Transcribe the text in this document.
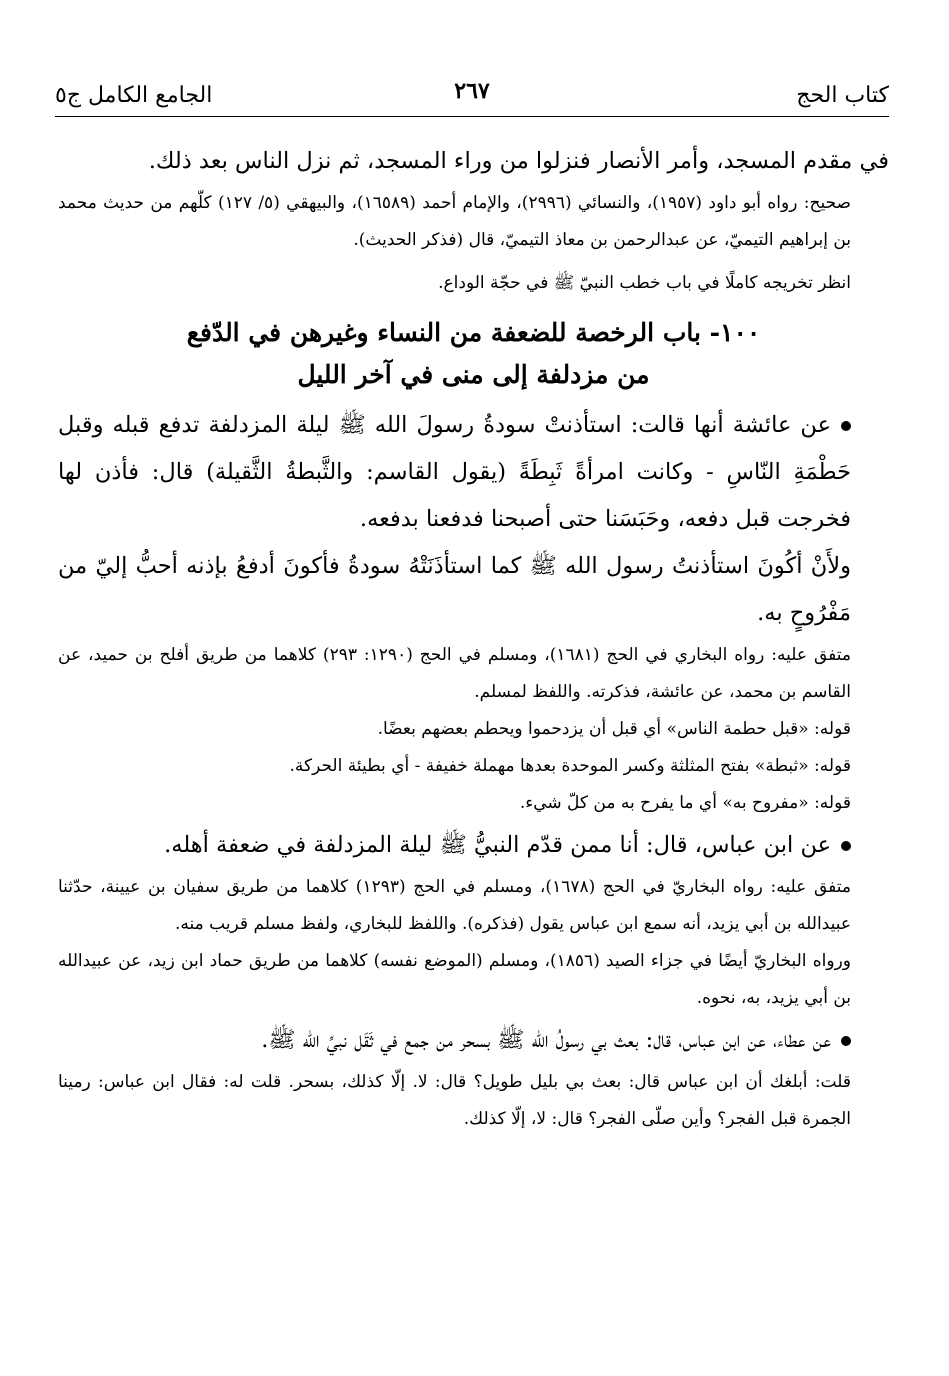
كتاب الحج
٢٦٧
الجامع الكامل ج٥

في مقدم المسجد، وأمر الأنصار فنزلوا من وراء المسجد، ثم نزل الناس بعد ذلك.

صحيح: رواه أبو داود (١٩٥٧)، والنسائي (٢٩٩٦)، والإمام أحمد (١٦٥٨٩)، والبيهقي (٥/ ١٢٧) كلّهم من حديث محمد بن إبراهيم التيميّ، عن عبدالرحمن بن معاذ التيميّ، قال (فذكر الحديث).

انظر تخريجه كاملًا في باب خطب النبيّ ﷺ في حجّة الوداع.

١٠٠- باب الرخصة للضعفة من النساء وغيرهن في الدّفع

من مزدلفة إلى منى في آخر الليل

عن عائشة أنها قالت: استأذنتْ سودةُ رسولَ الله ﷺ ليلة المزدلفة تدفع قبله وقبل حَطْمَةِ النّاسِ - وكانت امرأةً ثَبِطَةً (يقول القاسم: والثَّبطةُ الثَّقيلة) قال: فأذن لها فخرجت قبل دفعه، وحَبَسَنا حتى أصبحنا فدفعنا بدفعه.

ولأَنْ أكُونَ استأذنتُ رسول الله ﷺ كما استأذَنَتْهُ سودةُ فأكونَ أدفعُ بإذنه أحبُّ إليّ من مَفْرُوحٍ به.

متفق عليه: رواه البخاري في الحج (١٦٨١)، ومسلم في الحج (١٢٩٠: ٢٩٣) كلاهما من طريق أفلح بن حميد، عن القاسم بن محمد، عن عائشة، فذكرته. واللفظ لمسلم.

قوله: «قبل حطمة الناس» أي قبل أن يزدحموا ويحطم بعضهم بعضًا.

قوله: «ثبطة» بفتح المثلثة وكسر الموحدة بعدها مهملة خفيفة - أي بطيئة الحركة.

قوله: «مفروح به» أي ما يفرح به من كلّ شيء.

عن ابن عباس، قال: أنا ممن قدّم النبيُّ ﷺ ليلة المزدلفة في ضعفة أهله.

متفق عليه: رواه البخاريّ في الحج (١٦٧٨)، ومسلم في الحج (١٢٩٣) كلاهما من طريق سفيان بن عيينة، حدّثنا عبيدالله بن أبي يزيد، أنه سمع ابن عباس يقول (فذكره). واللفظ للبخاري، ولفظ مسلم قريب منه.

ورواه البخاريّ أيضًا في جزاء الصيد (١٨٥٦)، ومسلم (الموضع نفسه) كلاهما من طريق حماد ابن زيد، عن عبيدالله بن أبي يزيد، به، نحوه.

عن عطاء، عن ابن عباس، قال: بعث بي رسولُ الله ﷺ بسحر من جمع في ثَقَل نبيِّ الله ﷺ.

قلت: أبلغك أن ابن عباس قال: بعث بي بليل طويل؟ قال: لا. إلّا كذلك، بسحر. قلت له: فقال ابن عباس: رمينا الجمرة قبل الفجر؟ وأين صلّى الفجر؟ قال: لا، إلّا كذلك.
